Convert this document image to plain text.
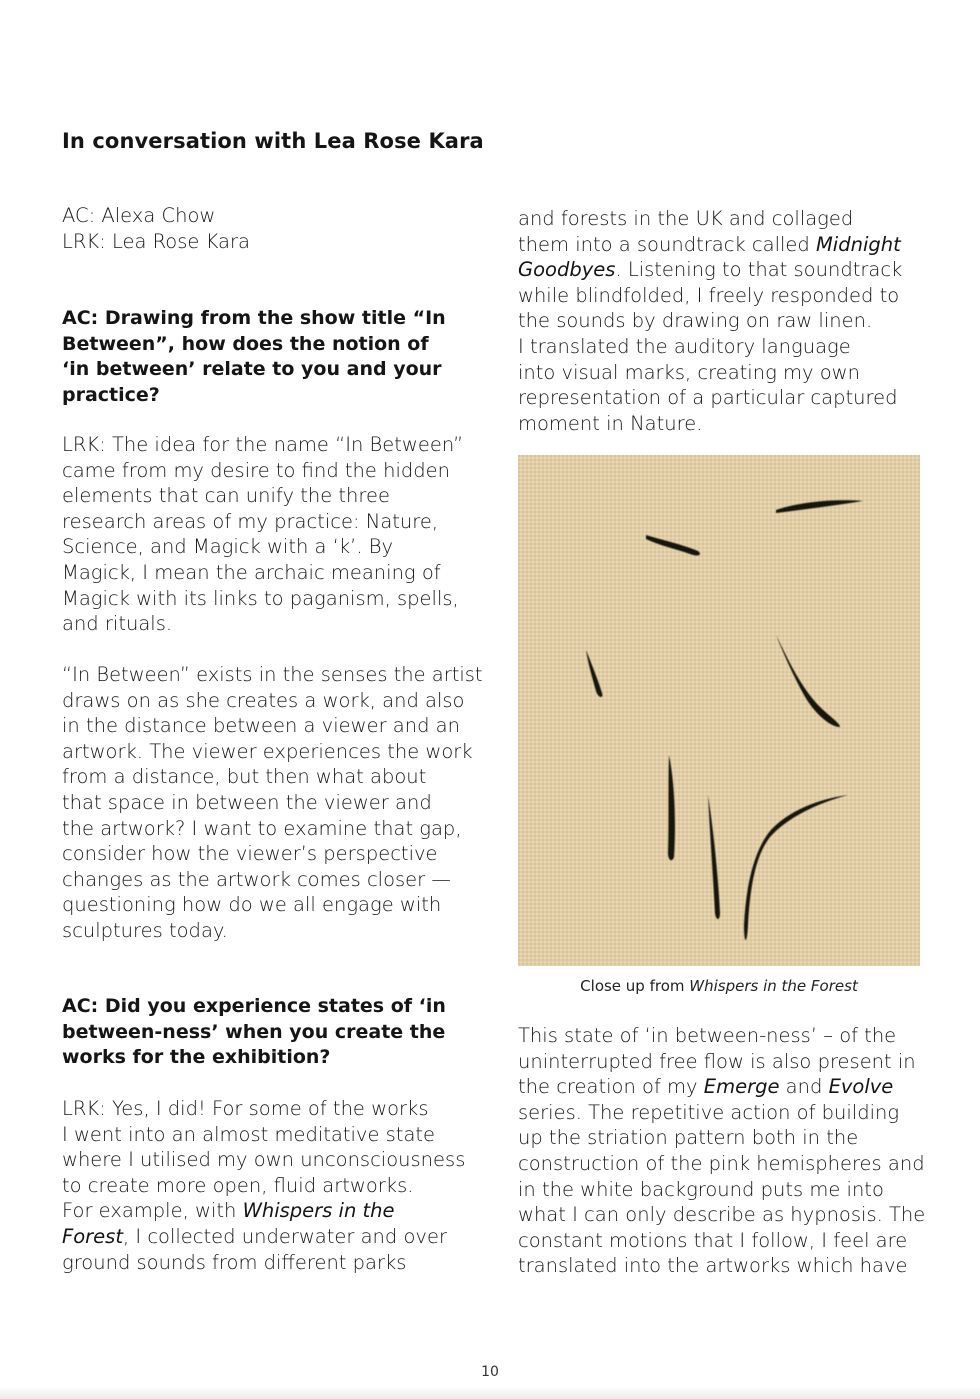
In conversation with Lea Rose Kara

AC: Alexa Chow
LRK: Lea Rose Kara

AC: Drawing from the show title “In
Between”, how does the notion of
‘in between’ relate to you and your
practice?

LRK: The idea for the name “In Between”
came from my desire to find the hidden
elements that can unify the three
research areas of my practice: Nature,
Science, and Magick with a ‘k’. By
Magick, I mean the archaic meaning of
Magick with its links to paganism, spells,
and rituals.

“In Between” exists in the senses the artist
draws on as she creates a work, and also
in the distance between a viewer and an
artwork. The viewer experiences the work
from a distance, but then what about
that space in between the viewer and
the artwork? I want to examine that gap,
consider how the viewer’s perspective
changes as the artwork comes closer —
questioning how do we all engage with
sculptures today.

AC: Did you experience states of ‘in
between-ness’ when you create the
works for the exhibition?

LRK: Yes, I did! For some of the works
I went into an almost meditative state
where I utilised my own unconsciousness
to create more open, fluid artworks.
For example, with Whispers in the
Forest, I collected underwater and over
ground sounds from different parks

and forests in the UK and collaged
them into a soundtrack called Midnight
Goodbyes. Listening to that soundtrack
while blindfolded, I freely responded to
the sounds by drawing on raw linen.
I translated the auditory language
into visual marks, creating my own
representation of a particular captured
moment in Nature.

Close up from Whispers in the Forest

This state of ‘in between-ness’ – of the
uninterrupted free flow is also present in
the creation of my Emerge and Evolve
series. The repetitive action of building
up the striation pattern both in the
construction of the pink hemispheres and
in the white background puts me into
what I can only describe as hypnosis. The
constant motions that I follow, I feel are
translated into the artworks which have

10
